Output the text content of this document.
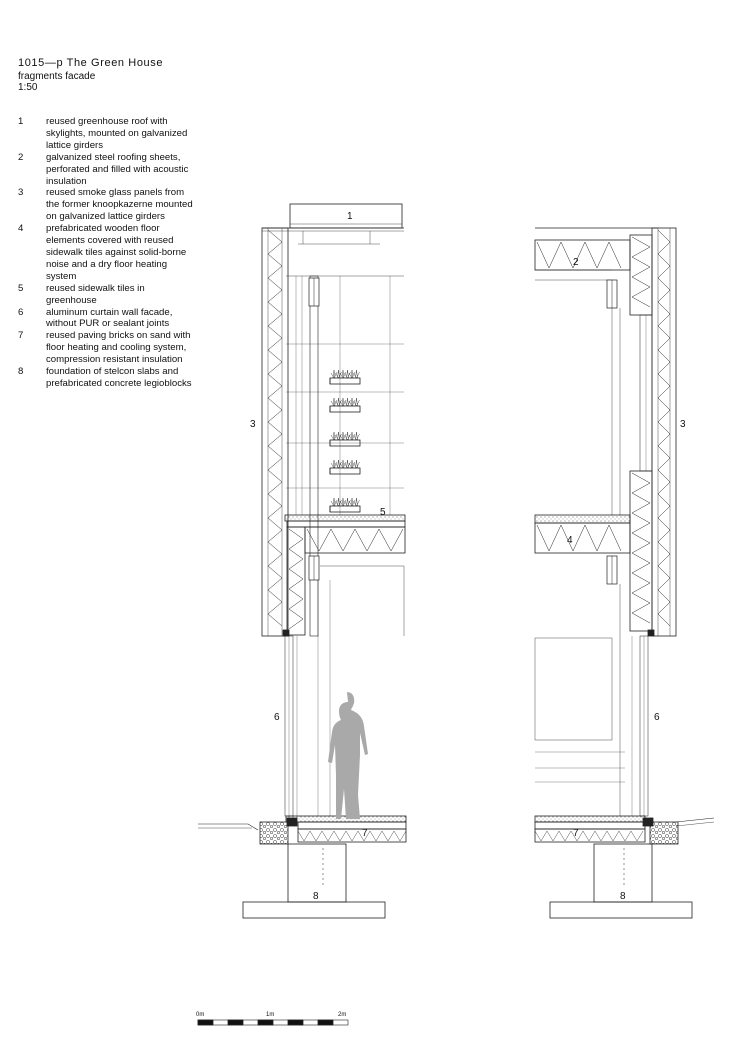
1015—p The Green House
fragments facade
1:50
1	reused greenhouse roof with skylights, mounted on galvanized lattice girders
2	galvanized steel roofing sheets, perforated and filled with acoustic insulation
3	reused smoke glass panels from the former knoopkazerne mounted on galvanized lattice girders
4	prefabricated wooden floor elements covered with reused sidewalk tiles against solid-borne noise and a dry floor heating system
5	reused sidewalk tiles in greenhouse
6	aluminum curtain wall facade, without PUR or sealant joints
7	reused paving bricks on sand with floor heating and cooling system, compression resistant insulation
8	foundation of stelcon slabs and prefabricated concrete legioblocks
1
2
3	3
4
5
6	6
7	7
8	8
0m	1m	2m
